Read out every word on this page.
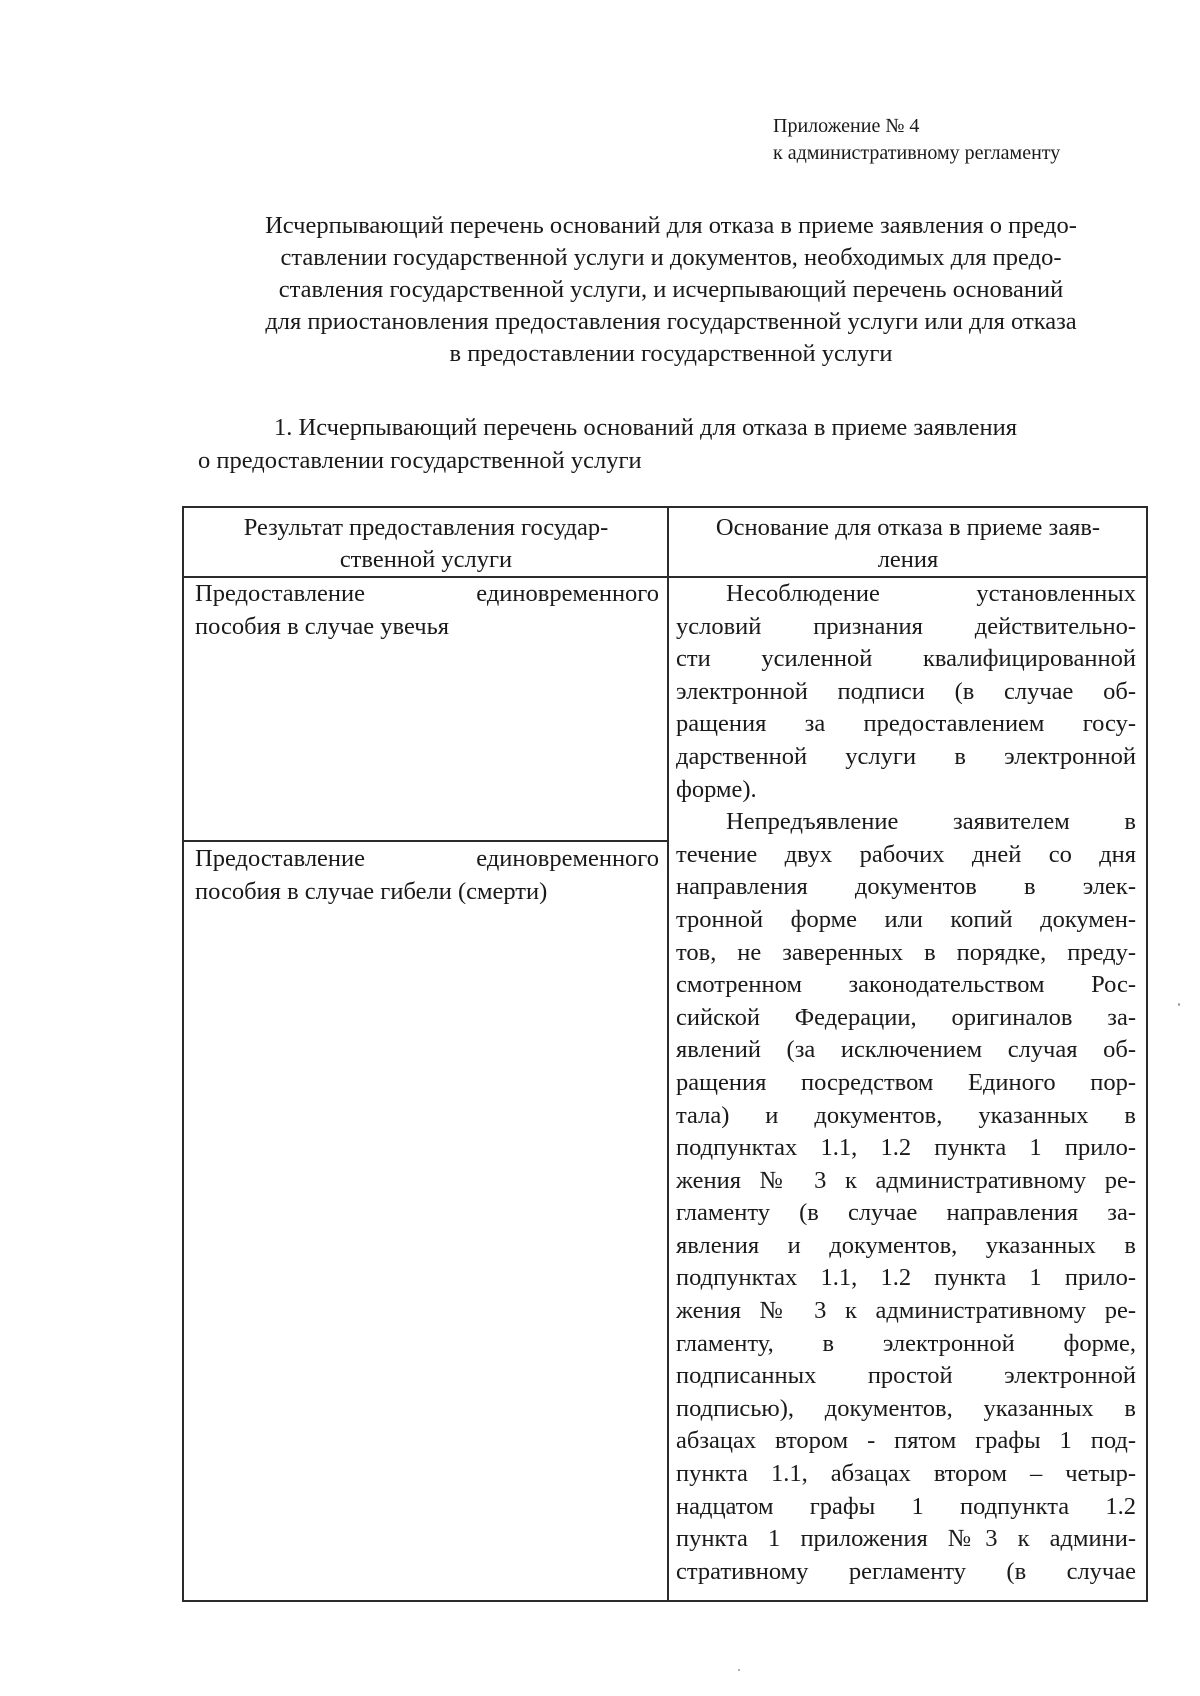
Приложение № 4
к административному регламенту
Исчерпывающий перечень оснований для отказа в приеме заявления о предо-
ставлении государственной услуги и документов, необходимых для предо-
ставления государственной услуги, и исчерпывающий перечень оснований
для приостановления предоставления государственной услуги или для отказа
в предоставлении государственной услуги
1. Исчерпывающий перечень оснований для отказа в приеме заявления
о предоставлении государственной услуги
Результат предоставления государ-
ственной услуги
Основание для отказа в приеме заяв-
ления
Предоставление единовременного
пособия в случае увечья
Предоставление единовременного
пособия в случае гибели (смерти)
Несоблюдение установленных
условий признания действительно-
сти усиленной квалифицированной
электронной подписи (в случае об-
ращения за предоставлением госу-
дарственной услуги в электронной
форме).
Непредъявление заявителем в
течение двух рабочих дней со дня
направления документов в элек-
тронной форме или копий докумен-
тов, не заверенных в порядке, преду-
смотренном законодательством Рос-
сийской Федерации, оригиналов за-
явлений (за исключением случая об-
ращения посредством Единого пор-
тала) и документов, указанных в
подпунктах 1.1, 1.2 пункта 1 прило-
жения № 3 к административному ре-
гламенту (в случае направления за-
явления и документов, указанных в
подпунктах 1.1, 1.2 пункта 1 прило-
жения № 3 к административному ре-
гламенту, в электронной форме,
подписанных простой электронной
подписью), документов, указанных в
абзацах втором - пятом графы 1 под-
пункта 1.1, абзацах втором – четыр-
надцатом графы 1 подпункта 1.2
пункта 1 приложения №3 к админи-
стративному регламенту (в случае
